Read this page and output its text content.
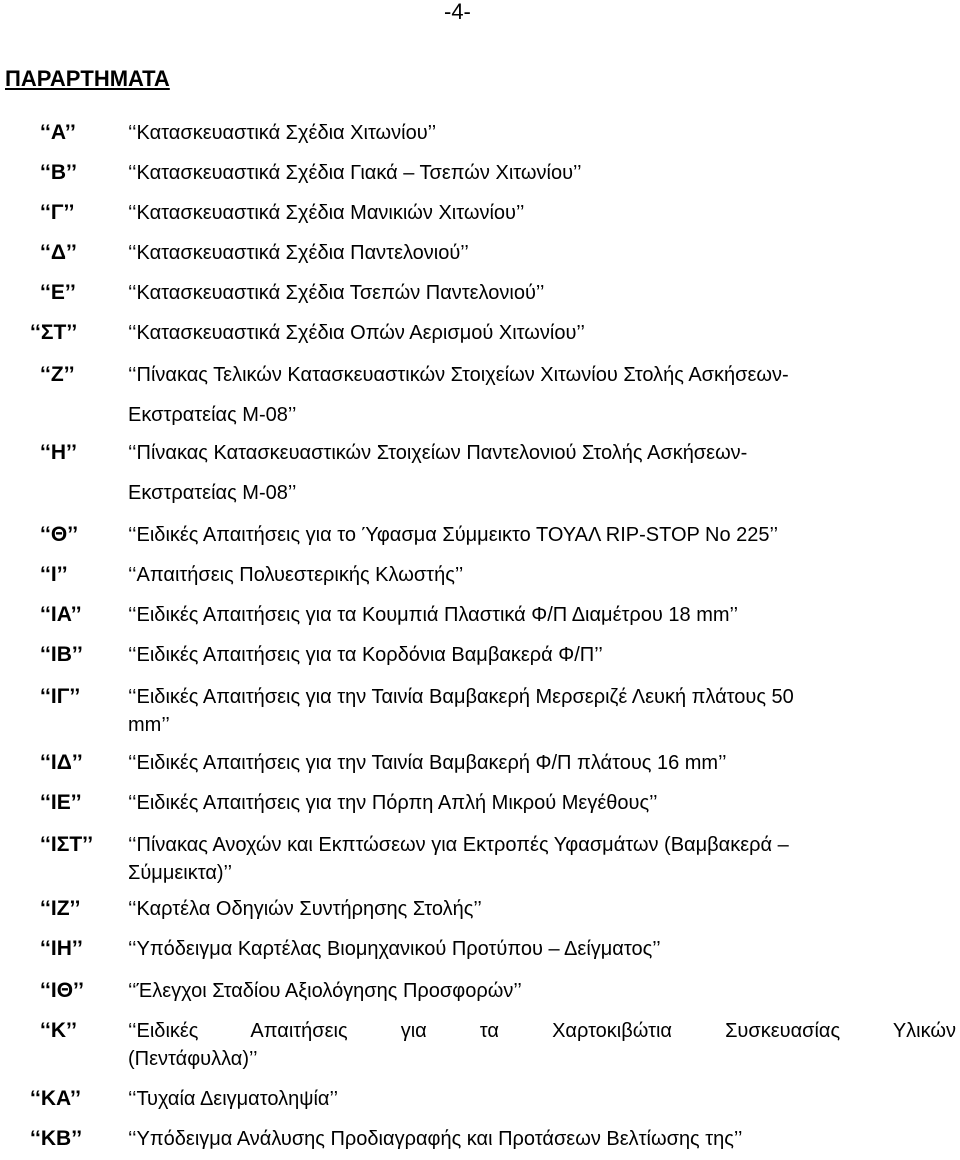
-4-
ΠΑΡΑΡΤΗΜΑΤΑ
‘‘Α’’	‘‘Κατασκευαστικά Σχέδια Χιτωνίου’’
‘‘Β’’	‘‘Κατασκευαστικά Σχέδια Γιακά – Τσεπών Χιτωνίου’’
‘‘Γ’’	‘‘Κατασκευαστικά Σχέδια Μανικιών Χιτωνίου’’
‘‘Δ’’	‘‘Κατασκευαστικά Σχέδια Παντελονιού’’
‘‘Ε’’	‘‘Κατασκευαστικά Σχέδια Τσεπών Παντελονιού’’
‘‘ΣΤ’’	‘‘Κατασκευαστικά Σχέδια Οπών Αερισμού Χιτωνίου’’
‘‘Ζ’’	‘‘Πίνακας Τελικών Κατασκευαστικών Στοιχείων Χιτωνίου Στολής Ασκήσεων-
Εκστρατείας Μ-08’’
‘‘Η’’	‘‘Πίνακας Κατασκευαστικών Στοιχείων Παντελονιού Στολής Ασκήσεων-
Εκστρατείας Μ-08’’
‘‘Θ’’ ‘‘Ειδικές Απαιτήσεις για το Ύφασμα Σύμμεικτο ΤΟΥΑΛ RIP-STOP No 225’’
‘‘Ι’’	‘‘Απαιτήσεις Πολυεστερικής Κλωστής’’
‘‘ΙΑ’’ ‘‘Ειδικές Απαιτήσεις για τα Κουμπιά Πλαστικά Φ/Π Διαμέτρου 18 mm’’
‘‘ΙΒ’’ ‘‘Ειδικές Απαιτήσεις για τα Κορδόνια Βαμβακερά Φ/Π’’
‘‘ΙΓ’’ ‘‘Ειδικές Απαιτήσεις για την Ταινία Βαμβακερή Μερσεριζέ Λευκή πλάτους 50
mm’’
‘‘ΙΔ’’ ‘‘Ειδικές Απαιτήσεις για την Ταινία Βαμβακερή Φ/Π πλάτους 16 mm’’
‘‘ΙΕ’’ ‘‘Ειδικές Απαιτήσεις για την Πόρπη Απλή Μικρού Μεγέθους’’
‘‘ΙΣΤ’’	‘‘Πίνακας Ανοχών και Εκπτώσεων για Εκτροπές Υφασμάτων (Βαμβακερά –
Σύμμεικτα)’’
‘‘ΙΖ’’ ‘‘Καρτέλα Οδηγιών Συντήρησης Στολής’’
‘‘ΙΗ’’ ‘‘Υπόδειγμα Καρτέλας Βιομηχανικού Προτύπου – Δείγματος’’
‘‘ΙΘ’’ ‘‘Έλεγχοι Σταδίου Αξιολόγησης Προσφορών’’
‘‘Κ’’	‘‘Ειδικές Απαιτήσεις για τα Χαρτοκιβώτια Συσκευασίας Υλικών
(Πεντάφυλλα)’’
‘‘ΚΑ’’ ‘‘Τυχαία Δειγματοληψία’’
‘‘ΚΒ’’ ‘‘Υπόδειγμα Ανάλυσης Προδιαγραφής και Προτάσεων Βελτίωσης της’’
